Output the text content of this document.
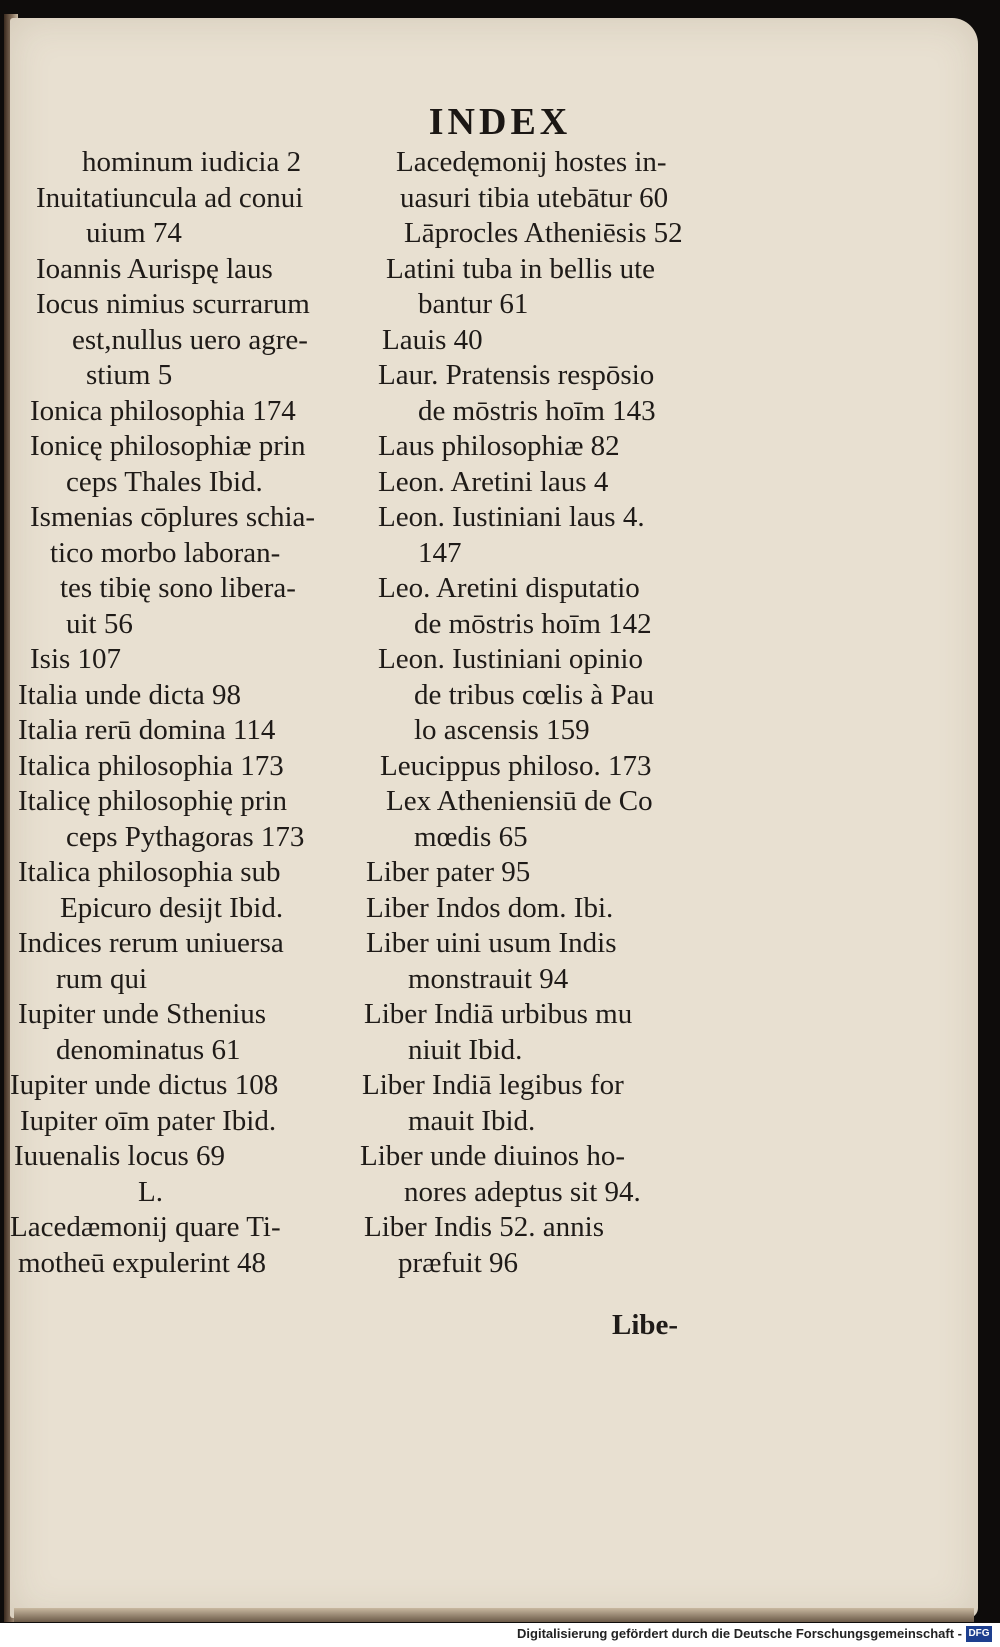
INDEX
hominum iudicia 2
Inuitatiuncula ad conui
uium 74
Ioannis Aurispę laus
Iocus nimius scurrarum
est,nullus uero agre-
stium 5
Ionica philosophia 174
Ionicę philosophiæ prin
ceps Thales Ibid.
Ismenias cōplures schia-
tico morbo laboran-
tes tibię sono libera-
uit 56
Isis 107
Italia unde dicta 98
Italia rerū domina 114
Italica philosophia 173
Italicę philosophię prin
ceps Pythagoras 173
Italica philosophia sub
Epicuro desijt Ibid.
Indices rerum uniuersa
rum qui
Iupiter unde Sthenius
denominatus 61
Iupiter unde dictus 108
Iupiter oīm pater Ibid.
Iuuenalis locus 69
L.
Lacedæmonij quare Ti-
motheū expulerint 48
Lacedęmonij hostes in-
uasuri tibia utebātur 60
Lāprocles Atheniēsis 52
Latini tuba in bellis ute
bantur 61
Lauis 40
Laur. Pratensis respōsio
de mōstris hoīm 143
Laus philosophiæ 82
Leon. Aretini laus 4
Leon. Iustiniani laus 4.
147
Leo. Aretini disputatio
de mōstris hoīm 142
Leon. Iustiniani opinio
de tribus cœlis à Pau
lo ascensis 159
Leucippus philoso. 173
Lex Atheniensiū de Co
mœdis 65
Liber pater 95
Liber Indos dom. Ibi.
Liber uini usum Indis
monstrauit 94
Liber Indiā urbibus mu
niuit Ibid.
Liber Indiā legibus for
mauit Ibid.
Liber unde diuinos ho-
nores adeptus sit 94.
Liber Indis 52. annis
præfuit 96
Libe-
Digitalisierung gefördert durch die Deutsche Forschungsgemeinschaft - DFG
